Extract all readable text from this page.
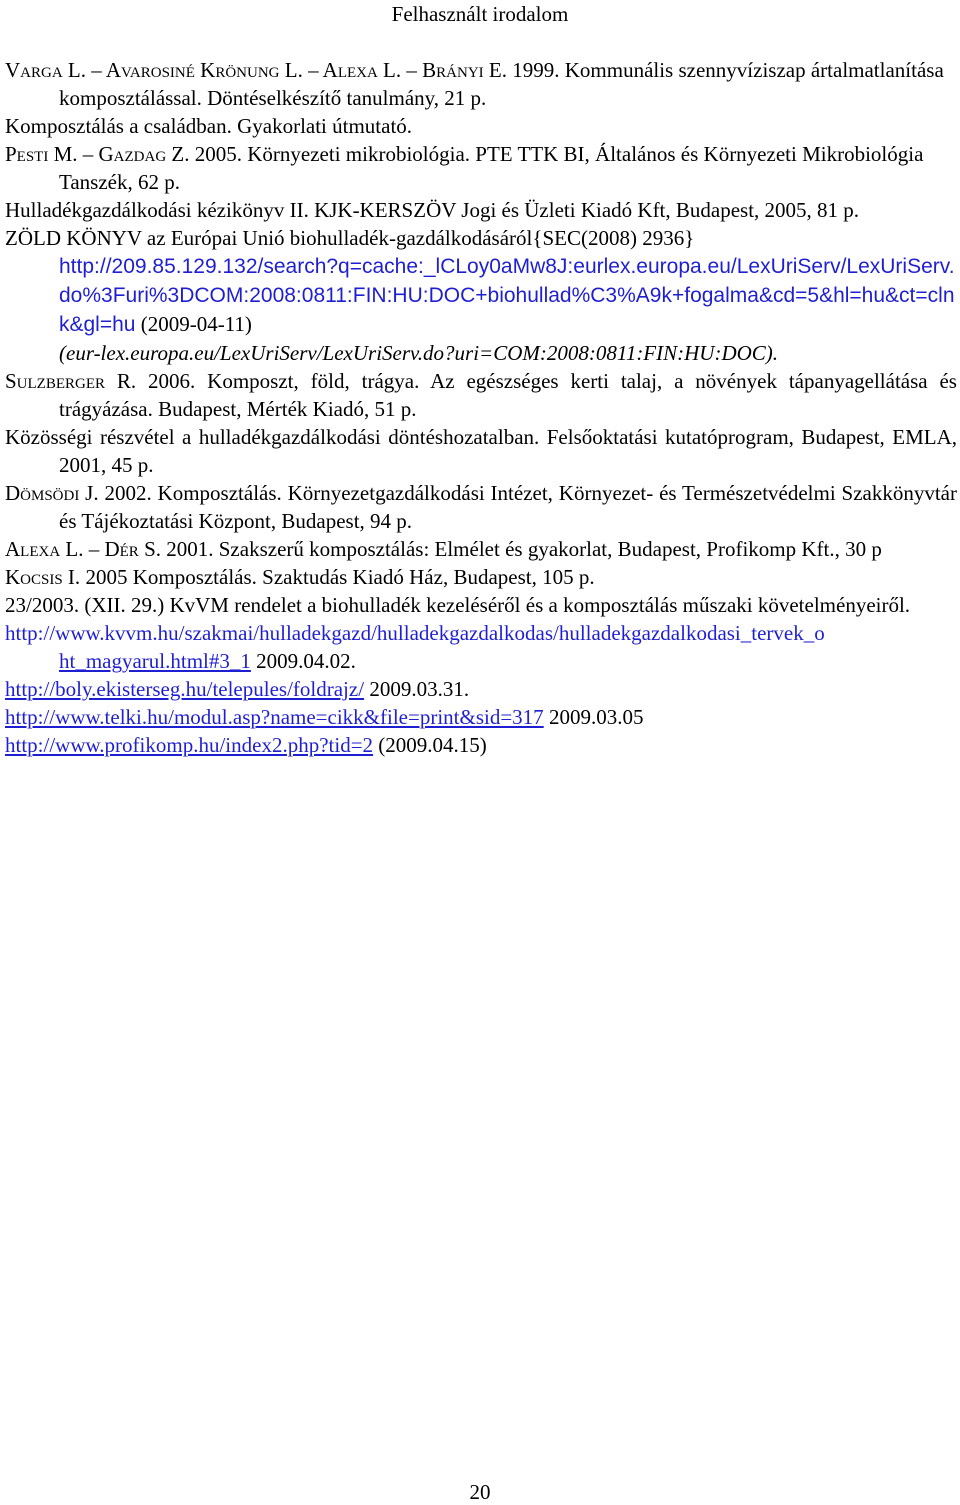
Felhasznált irodalom

Varga L. – Avarosiné Krönung L. – Alexa L. – Brányi E. 1999. Kommunális szennyvíziszap ártalmatlanítása komposztálással. Döntéselkészítő tanulmány, 21 p.

Komposztálás a családban. Gyakorlati útmutató.

Pesti M. – Gazdag Z. 2005. Környezeti mikrobiológia. PTE TTK BI, Általános és Környezeti Mikrobiológia Tanszék, 62 p.

Hulladékgazdálkodási kézikönyv II. KJK-KERSZÖV Jogi és Üzleti Kiadó Kft, Budapest, 2005, 81 p.

ZÖLD KÖNYV az Európai Unió biohulladék-gazdálkodásáról{SEC(2008) 2936}
http://209.85.129.132/search?q=cache:_lCLoy0aMw8J:eurlex.europa.eu/LexUriServ/LexUriServ.do%3Furi%3DCOM:2008:0811:FIN:HU:DOC+biohullad%C3%A9k+fogalma&cd=5&hl=hu&ct=clnk&gl=hu (2009-04-11)
(eur-lex.europa.eu/LexUriServ/LexUriServ.do?uri=COM:2008:0811:FIN:HU:DOC).

Sulzberger R. 2006. Komposzt, föld, trágya. Az egészséges kerti talaj, a növények tápanyagellátása és trágyázása. Budapest, Mérték Kiadó, 51 p.

Közösségi részvétel a hulladékgazdálkodási döntéshozatalban. Felsőoktatási kutatóprogram, Budapest, EMLA, 2001, 45 p.

Dömsödi J. 2002. Komposztálás. Környezetgazdálkodási Intézet, Környezet- és Természetvédelmi Szakkönyvtár és Tájékoztatási Központ, Budapest, 94 p.

Alexa L. – Dér S. 2001. Szakszerű komposztálás: Elmélet és gyakorlat, Budapest, Profikomp Kft., 30 p

Kocsis I. 2005 Komposztálás. Szaktudás Kiadó Ház, Budapest, 105 p.

23/2003. (XII. 29.) KvVM rendelet a biohulladék kezeléséről és a komposztálás műszaki követelményeiről.

http://www.kvvm.hu/szakmai/hulladekgazd/hulladekgazdalkodas/hulladekgazdalkodasi_tervek_o
ht_magyarul.html#3_1 2009.04.02.

http://boly.ekisterseg.hu/telepules/foldrajz/ 2009.03.31.

http://www.telki.hu/modul.asp?name=cikk&file=print&sid=317 2009.03.05

http://www.profikomp.hu/index2.php?tid=2 (2009.04.15)

20
